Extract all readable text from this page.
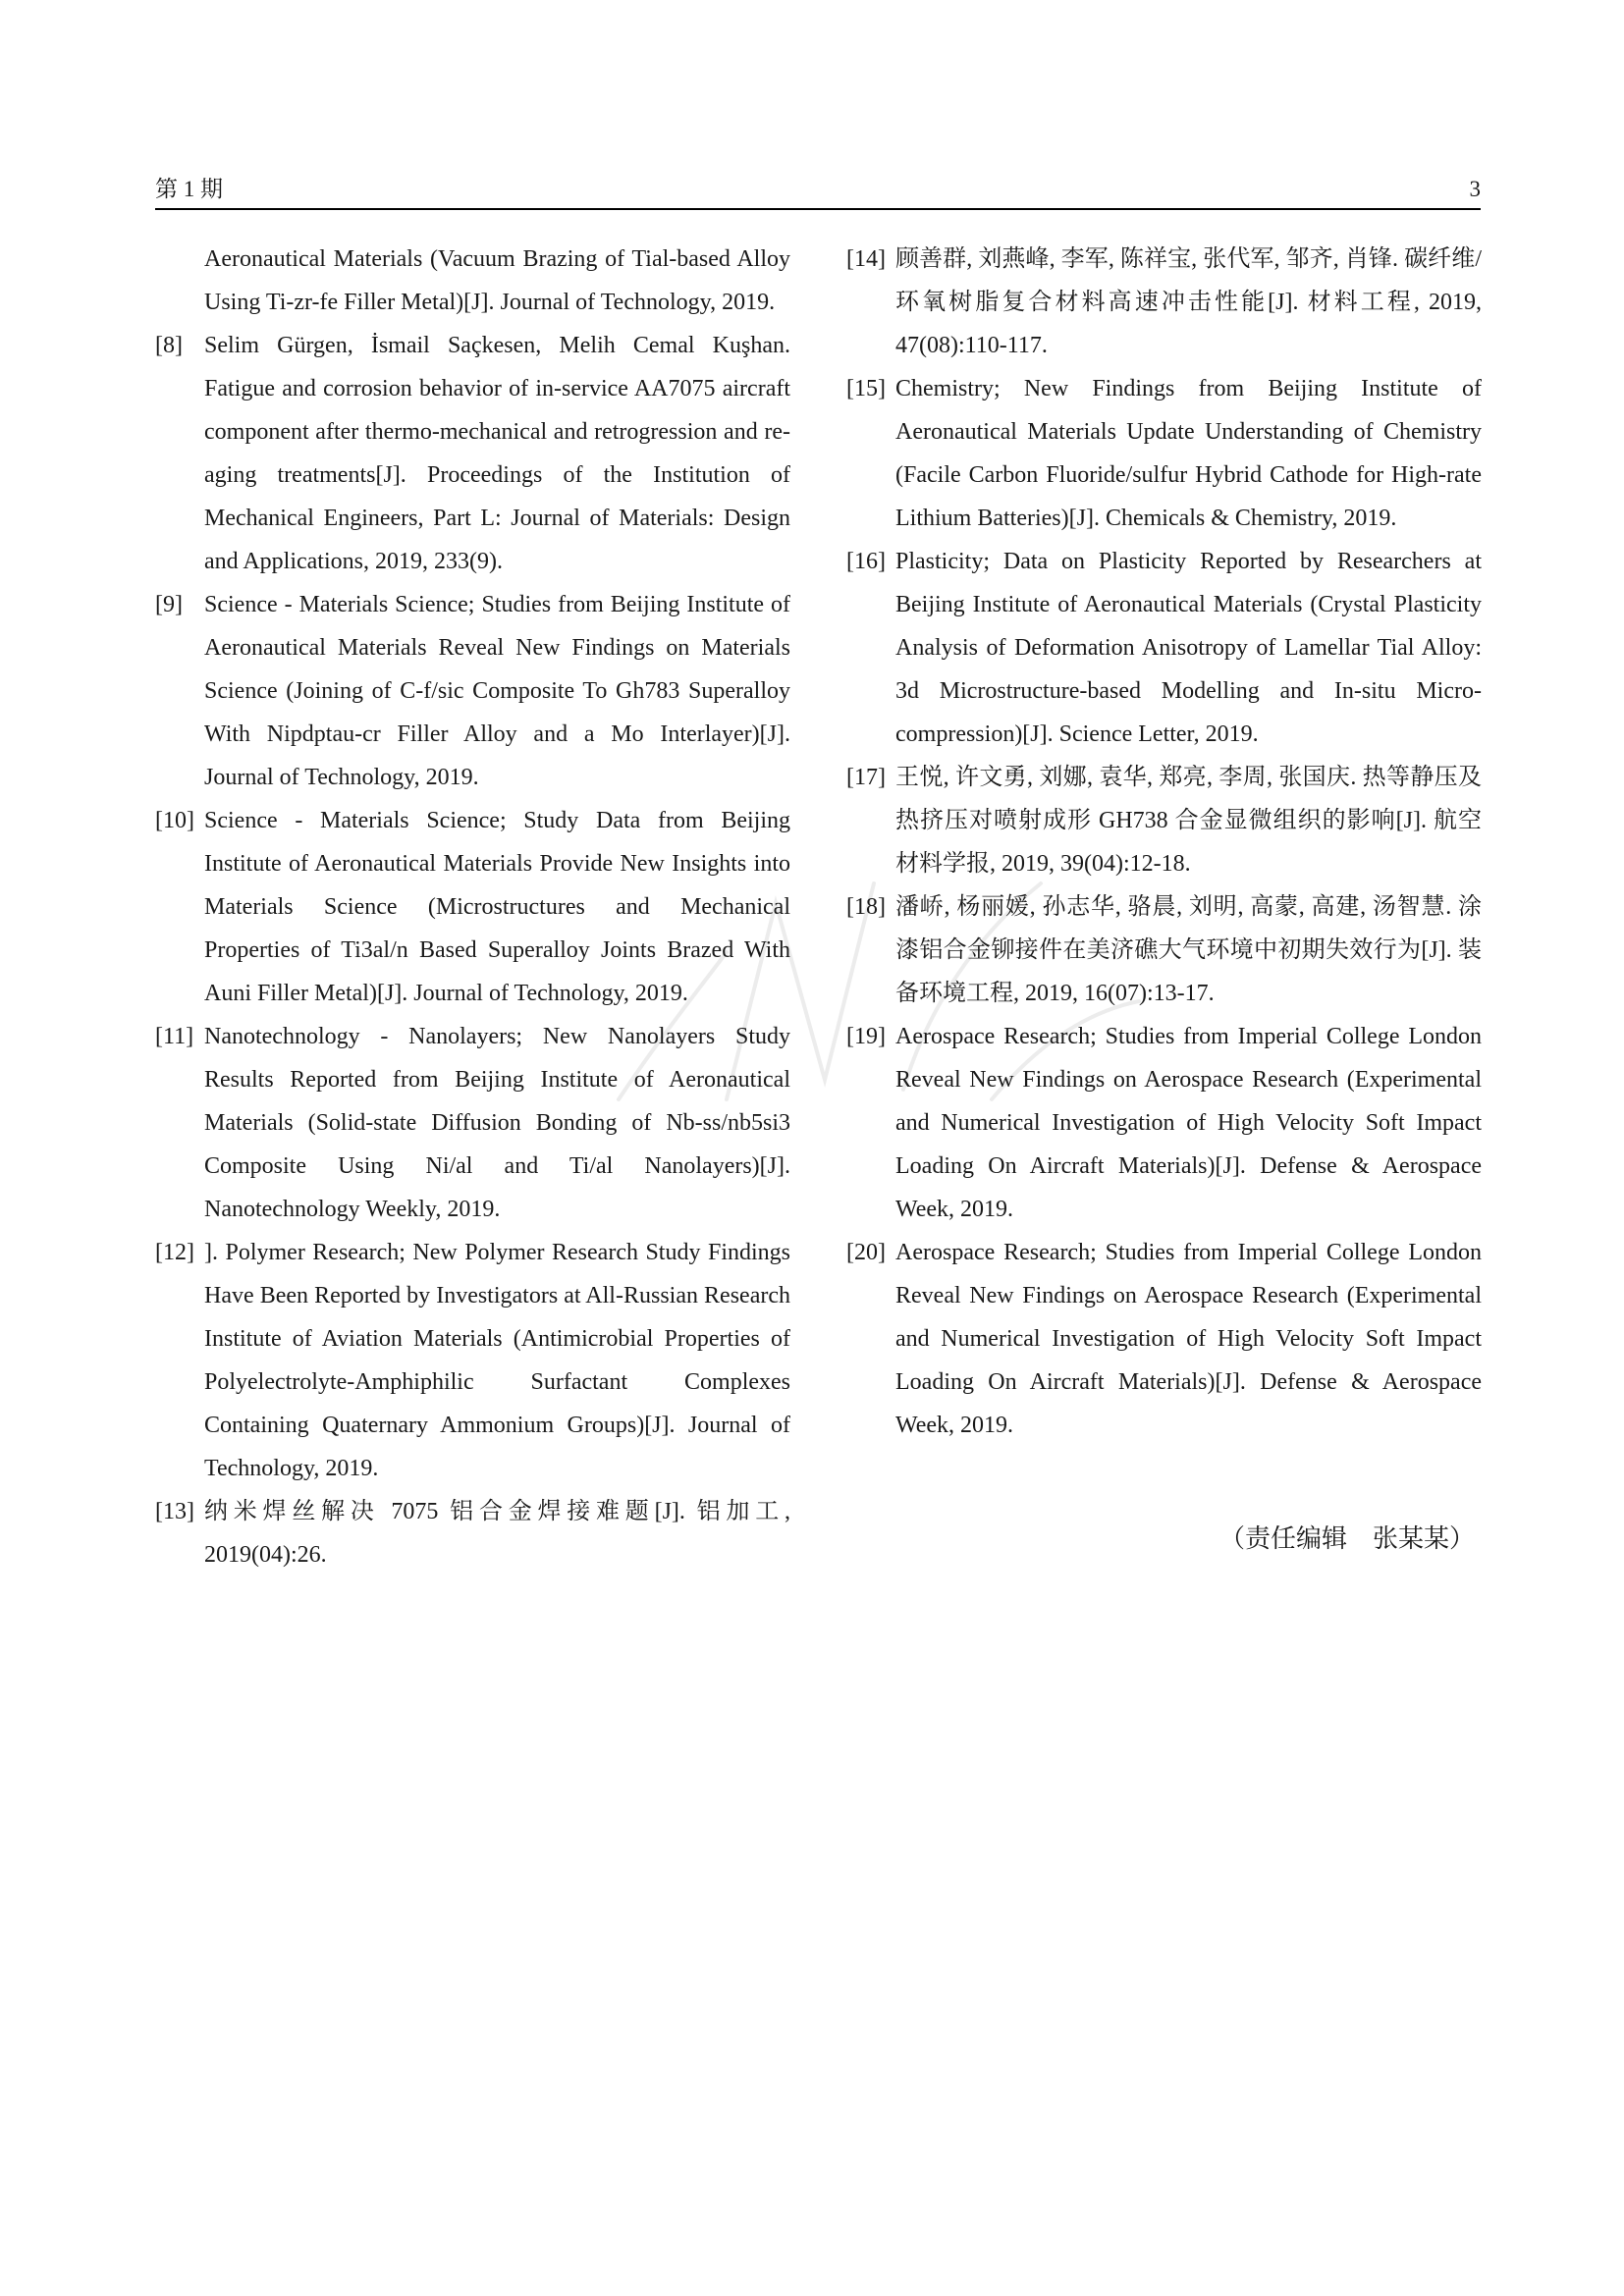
第 1 期	3
Aeronautical Materials (Vacuum Brazing of Tial-based Alloy Using Ti-zr-fe Filler Metal)[J]. Journal of Technology, 2019.
[8] Selim Gürgen, İsmail Saçkesen, Melih Cemal Kuşhan. Fatigue and corrosion behavior of in-service AA7075 aircraft component after thermo-mechanical and retrogression and re-aging treatments[J]. Proceedings of the Institution of Mechanical Engineers, Part L: Journal of Materials: Design and Applications, 2019, 233(9).
[9] Science - Materials Science; Studies from Beijing Institute of Aeronautical Materials Reveal New Findings on Materials Science (Joining of C-f/sic Composite To Gh783 Superalloy With Nipdptau-cr Filler Alloy and a Mo Interlayer)[J]. Journal of Technology, 2019.
[10] Science - Materials Science; Study Data from Beijing Institute of Aeronautical Materials Provide New Insights into Materials Science (Microstructures and Mechanical Properties of Ti3al/n Based Superalloy Joints Brazed With Auni Filler Metal)[J]. Journal of Technology, 2019.
[11] Nanotechnology - Nanolayers; New Nanolayers Study Results Reported from Beijing Institute of Aeronautical Materials (Solid-state Diffusion Bonding of Nb-ss/nb5si3 Composite Using Ni/al and Ti/al Nanolayers)[J]. Nanotechnology Weekly, 2019.
[12] ]. Polymer Research; New Polymer Research Study Findings Have Been Reported by Investigators at All-Russian Research Institute of Aviation Materials (Antimicrobial Properties of Polyelectrolyte-Amphiphilic Surfactant Complexes Containing Quaternary Ammonium Groups)[J]. Journal of Technology, 2019.
[13] 纳米焊丝解决 7075 铝合金焊接难题[J]. 铝加工, 2019(04):26.
[14] 顾善群, 刘燕峰, 李军, 陈祥宝, 张代军, 邹齐, 肖锋. 碳纤维/环氧树脂复合材料高速冲击性能[J]. 材料工程, 2019, 47(08):110-117.
[15] Chemistry; New Findings from Beijing Institute of Aeronautical Materials Update Understanding of Chemistry (Facile Carbon Fluoride/sulfur Hybrid Cathode for High-rate Lithium Batteries)[J]. Chemicals & Chemistry, 2019.
[16] Plasticity; Data on Plasticity Reported by Researchers at Beijing Institute of Aeronautical Materials (Crystal Plasticity Analysis of Deformation Anisotropy of Lamellar Tial Alloy: 3d Microstructure-based Modelling and In-situ Micro-compression)[J]. Science Letter, 2019.
[17] 王悦, 许文勇, 刘娜, 袁华, 郑亮, 李周, 张国庆. 热等静压及热挤压对喷射成形 GH738 合金显微组织的影响[J]. 航空材料学报, 2019, 39(04):12-18.
[18] 潘峤, 杨丽媛, 孙志华, 骆晨, 刘明, 高蒙, 高建, 汤智慧. 涂漆铝合金铆接件在美济礁大气环境中初期失效行为[J]. 装备环境工程, 2019, 16(07):13-17.
[19] Aerospace Research; Studies from Imperial College London Reveal New Findings on Aerospace Research (Experimental and Numerical Investigation of High Velocity Soft Impact Loading On Aircraft Materials)[J]. Defense & Aerospace Week, 2019.
[20] Aerospace Research; Studies from Imperial College London Reveal New Findings on Aerospace Research (Experimental and Numerical Investigation of High Velocity Soft Impact Loading On Aircraft Materials)[J]. Defense & Aerospace Week, 2019.
（责任编辑　张某某）
